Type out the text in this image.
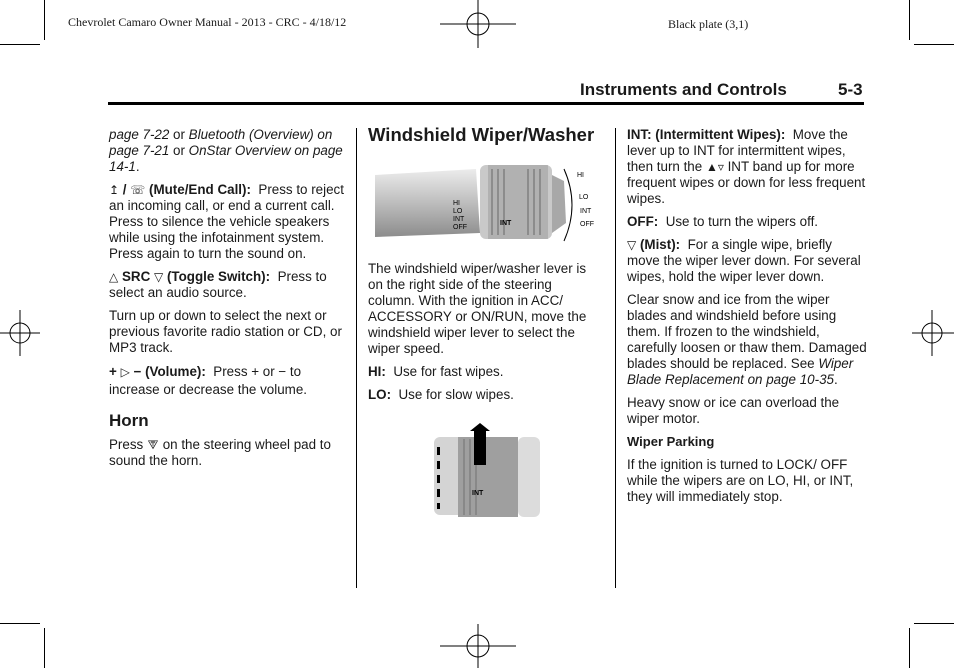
Chevrolet Camaro Owner Manual - 2013 - CRC - 4/18/12	Black plate (3,1)
Instruments and Controls	5-3

page 7-22 or Bluetooth (Overview) on page 7-21 or OnStar Overview on page 14-1.

↥ / ☏ (Mute/End Call): Press to reject an incoming call, or end a current call. Press to silence the vehicle speakers while using the infotainment system. Press again to turn the sound on.

△ SRC ▽ (Toggle Switch): Press to select an audio source.

Turn up or down to select the next or previous favorite radio station or CD, or MP3 track.

+ ▷ − (Volume): Press + or − to increase or decrease the volume.

Horn

Press ⮗ on the steering wheel pad to sound the horn.

Windshield Wiper/Washer
HI
LO
INT
OFF
INT
HI
LO
INT
OFF

The windshield wiper/washer lever is on the right side of the steering column. With the ignition in ACC/ ACCESSORY or ON/RUN, move the windshield wiper lever to select the wiper speed.

HI: Use for fast wipes.

LO: Use for slow wipes.

INT

INT: (Intermittent Wipes): Move the lever up to INT for intermittent wipes, then turn the ▲▿ INT band up for more frequent wipes or down for less frequent wipes.

OFF: Use to turn the wipers off.

▽ (Mist): For a single wipe, briefly move the wiper lever down. For several wipes, hold the wiper lever down.

Clear snow and ice from the wiper blades and windshield before using them. If frozen to the windshield, carefully loosen or thaw them. Damaged blades should be replaced. See Wiper Blade Replacement on page 10-35.

Heavy snow or ice can overload the wiper motor.

Wiper Parking

If the ignition is turned to LOCK/ OFF while the wipers are on LO, HI, or INT, they will immediately stop.
